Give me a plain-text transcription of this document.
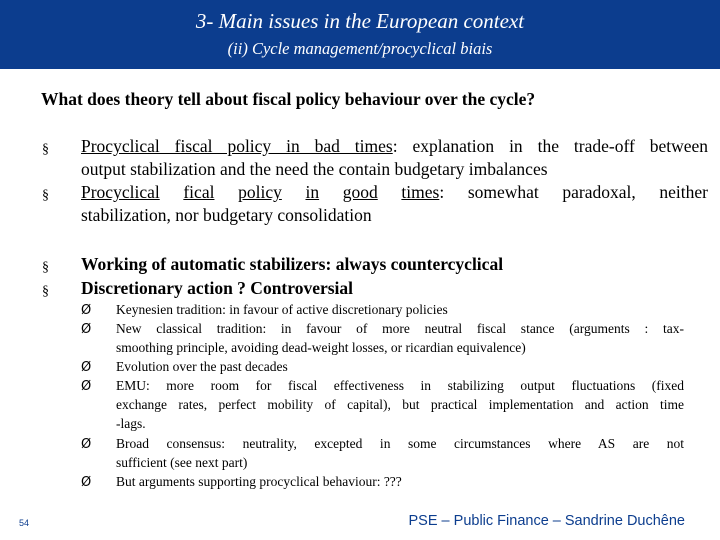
3- Main issues in the European context
(ii) Cycle management/procyclical biais
What does theory tell about fiscal policy behaviour over the cycle?
§	Procyclical fiscal policy in bad times: explanation in the trade-off between
output stabilization and the need the contain budgetary imbalances
§	Procyclical fical policy in good times: somewhat paradoxal, neither
stabilization, nor budgetary consolidation
§	Working of automatic stabilizers: always countercyclical
§	Discretionary action ? Controversial
Ø Keynesien tradition: in favour of active discretionary policies
Ø New classical tradition: in favour of more neutral fiscal stance (arguments : tax-
smoothing principle, avoiding dead-weight losses, or ricardian equivalence)
Ø Evolution over the past decades
Ø EMU: more room for fiscal effectiveness in stabilizing output fluctuations (fixed
exchange rates, perfect mobility of capital), but practical implementation and action time
-lags.
Ø Broad consensus: neutrality, excepted in some circumstances where AS are not
sufficient (see next part)
Ø But arguments supporting procyclical behaviour: ???
54	PSE – Public Finance – Sandrine Duchêne
